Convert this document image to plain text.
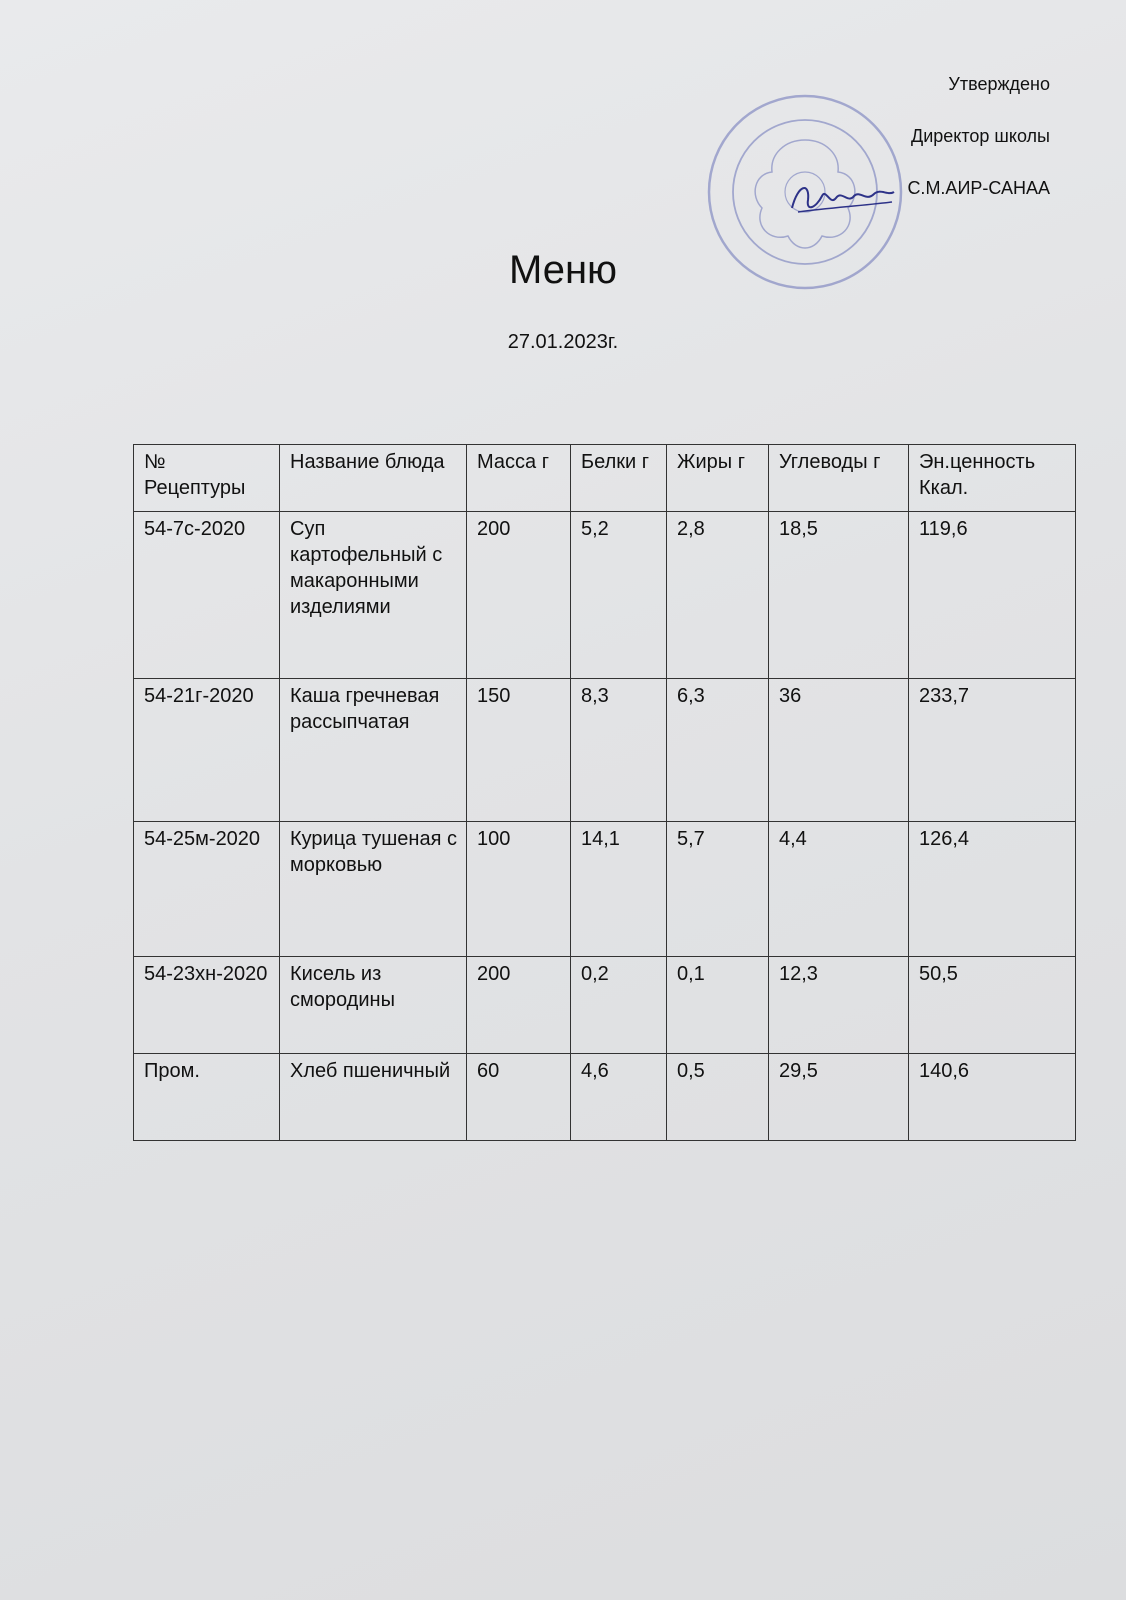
Утверждено
Директор школы
С.М.АИР-САНАА
Меню
27.01.2023г.
№ Рецептуры	Название блюда	Масса г	Белки г	Жиры г	Углеводы г	Эн.ценность Ккал.
54-7с-2020	Суп картофельный с макаронными изделиями	200	5,2	2,8	18,5	119,6
54-21г-2020	Каша гречневая рассыпчатая	150	8,3	6,3	36	233,7
54-25м-2020	Курица тушеная с морковью	100	14,1	5,7	4,4	126,4
54-23хн-2020	Кисель из смородины	200	0,2	0,1	12,3	50,5
Пром.	Хлеб пшеничный	60	4,6	0,5	29,5	140,6
